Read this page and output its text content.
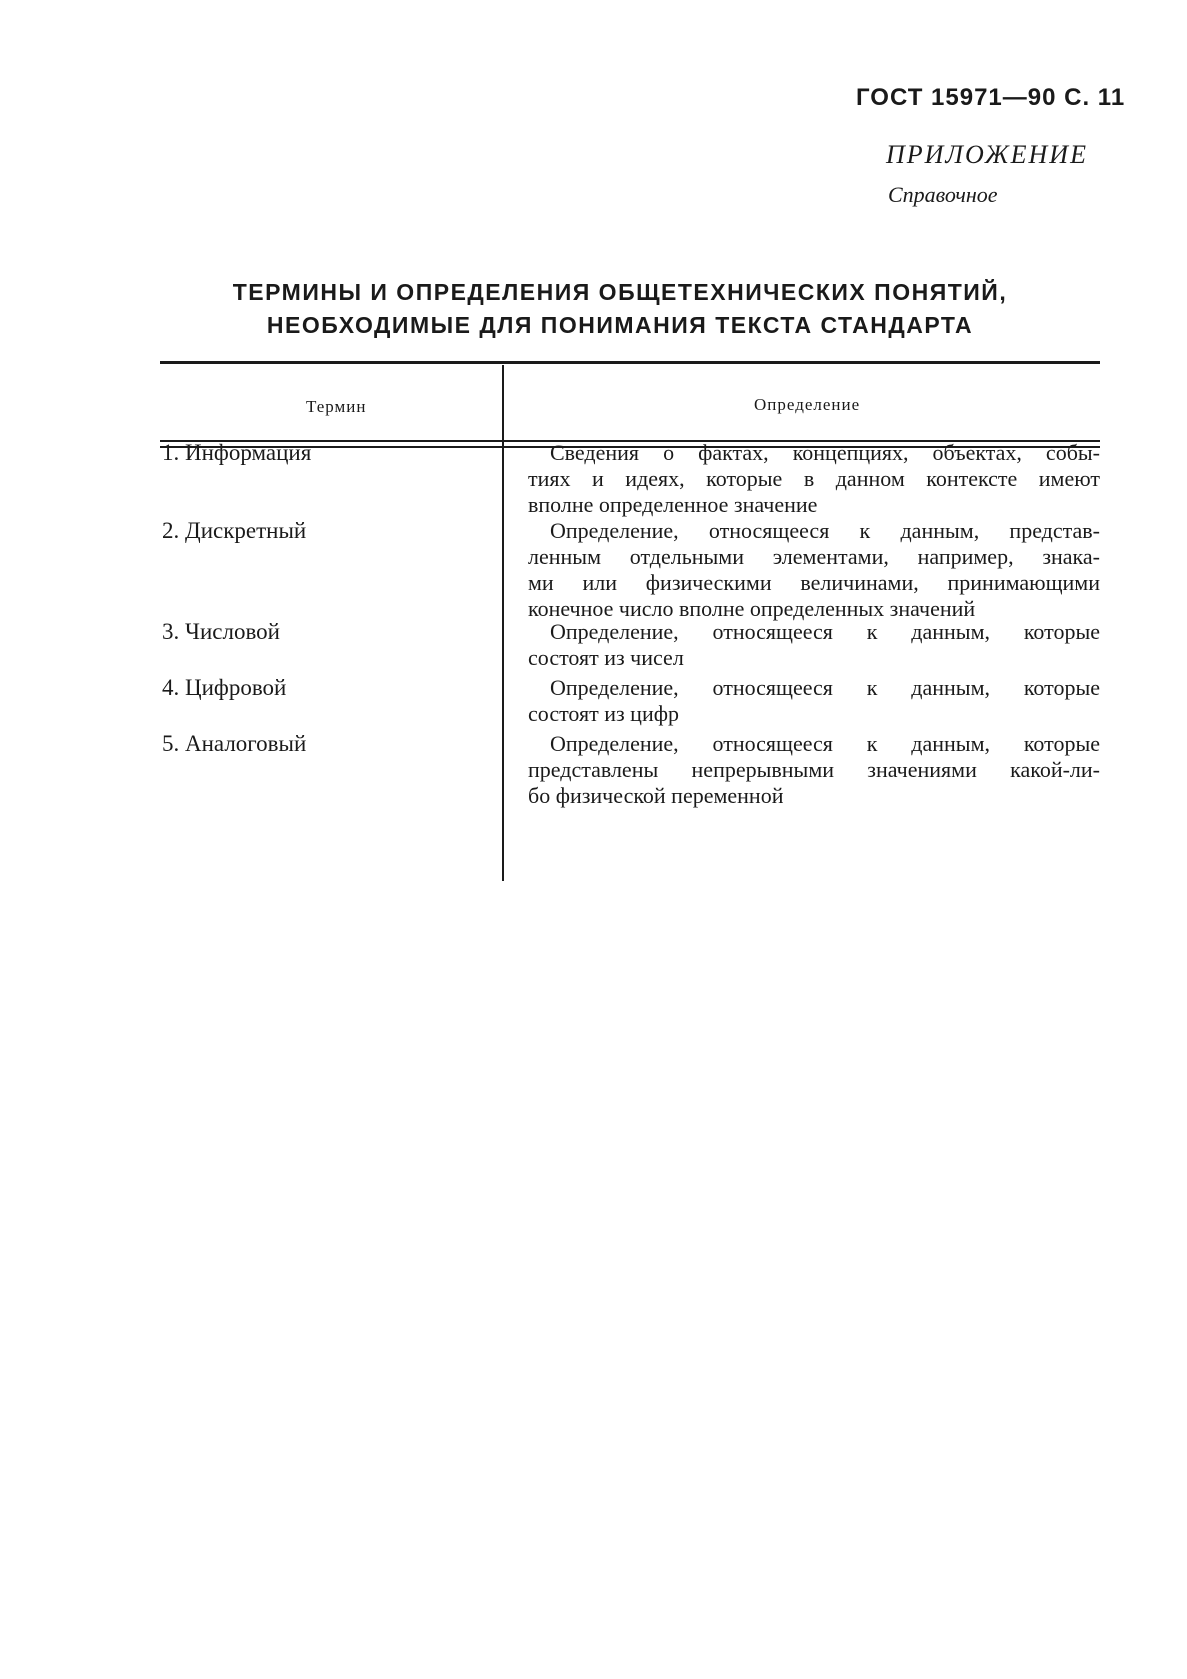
ГОСТ 15971—90 С. 11
ПРИЛОЖЕНИЕ
Справочное
ТЕРМИНЫ И ОПРЕДЕЛЕНИЯ ОБЩЕТЕХНИЧЕСКИХ ПОНЯТИЙ,
НЕОБХОДИМЫЕ ДЛЯ ПОНИМАНИЯ ТЕКСТА СТАНДАРТА
Термин	Определение
1. Информация	Сведения о фактах, концепциях, объектах, собы-
тиях и идеях, которые в данном контексте имеют
вполне определенное значение
2. Дискретный	Определение, относящееся к данным, представ-
ленным отдельными элементами, например, знака-
ми или физическими величинами, принимающими
конечное число вполне определенных значений
3. Числовой	Определение, относящееся к данным, которые
состоят из чисел
4. Цифровой	Определение, относящееся к данным, которые
состоят из цифр
5. Аналоговый	Определение, относящееся к данным, которые
представлены непрерывными значениями какой-ли-
бо физической переменной
